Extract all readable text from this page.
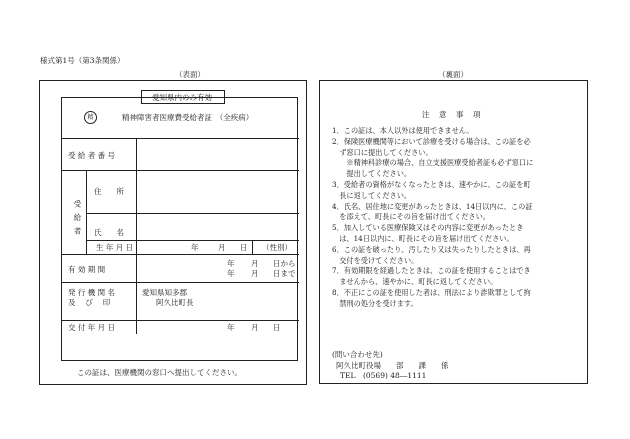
様式第1号（第3条関係）
（表面）
愛知県内のみ有効
精	精神障害者医療費受給者証　（全疾病）
受 給 者 番 号
受給者
住　　所
氏　　名
生 年 月 日	年	月 日 （性別）
有 効 期 間
年 月 日から
年 月 日まで
発 行 機 関 名
及　 び　 印
愛知県知多郡
阿久比町長
交 付 年 月 日	年 月 日
この証は、医療機関の窓口へ提出してください。
（裏面）
注　意　事　項
1．この証は、本人以外は使用できません。
2．保険医療機関等において診療を受ける場合は、この証を必
　ず窓口に提出してください。
　　※精神科診療の場合、自立支援医療受給者証も必ず窓口に
　　提出してください。
3．受給者の資格がなくなったときは、速やかに、この証を町
　長に返してください。
4．氏名、居住地に変更があったときは、14日以内に、この証
　を添えて、町長にその旨を届け出てください。
5．加入している医療保険又はその内容に変更があったとき
　は、14日以内に、町長にその旨を届け出てください。
6．この証を破ったり、汚したり又は失ったりしたときは、再
　交付を受けてください。
7．有効期限を経過したときは、この証を使用することはでき
　ませんから、速やかに、町長に返してください。
8．不正にこの証を使用した者は、刑法により詐欺罪として拘
　禁刑の処分を受けます。
(問い合わせ先)
阿久比町役場　　部　　課　　係
TEL　(0569) 48―1111
